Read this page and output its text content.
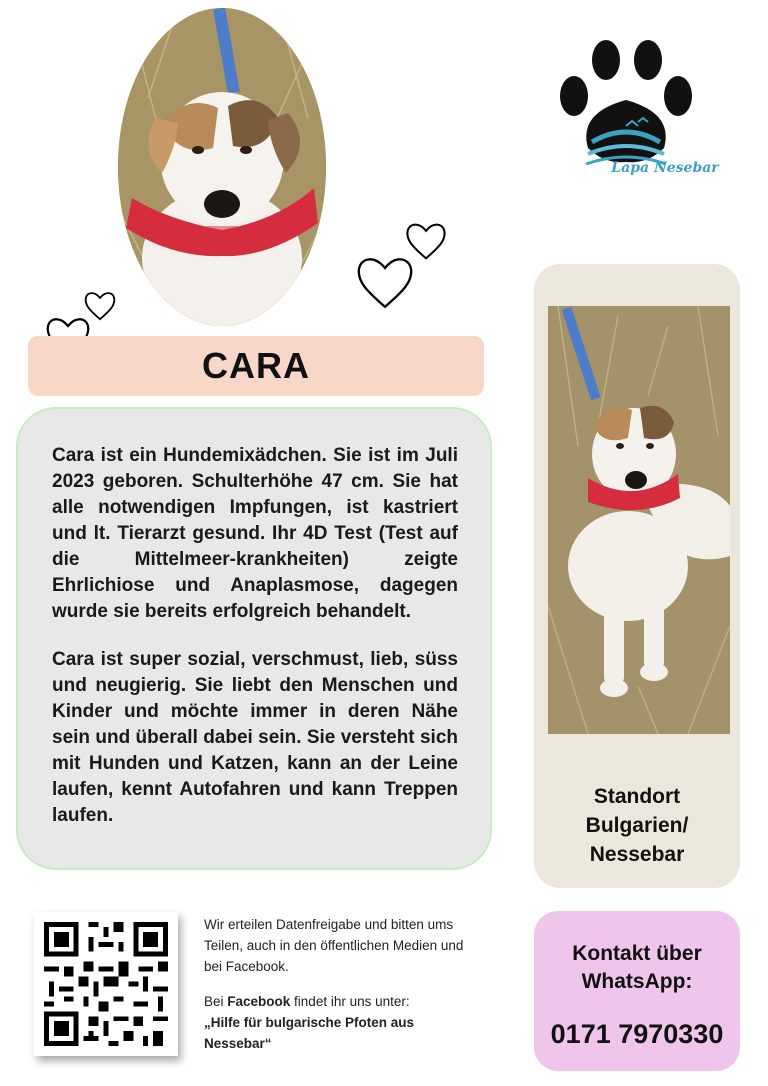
Lapa Nesebar
CARA

Cara ist ein Hundemixädchen. Sie ist im Juli 2023 geboren. Schulterhöhe 47 cm. Sie hat alle notwendigen Impfungen, ist kastriert und lt. Tierarzt gesund. Ihr 4D Test (Test auf die Mittelmeer-krankheiten) zeigte Ehrlichiose und Anaplasmose, dagegen wurde sie bereits erfolgreich behandelt.

Cara ist super sozial, verschmust, lieb, süss und neugierig. Sie liebt den Menschen und Kinder und möchte immer in deren Nähe sein und überall dabei sein. Sie versteht sich mit Hunden und Katzen, kann an der Leine laufen, kennt Autofahren und kann Treppen laufen.

Standort
Bulgarien/
Nessebar
Kontakt über
WhatsApp:
0171 7970330

Wir erteilen Datenfreigabe und bitten ums Teilen, auch in den öffentlichen Medien und bei Facebook.

Bei Facebook findet ihr uns unter:
„Hilfe für bulgarische Pfoten aus Nessebar“
